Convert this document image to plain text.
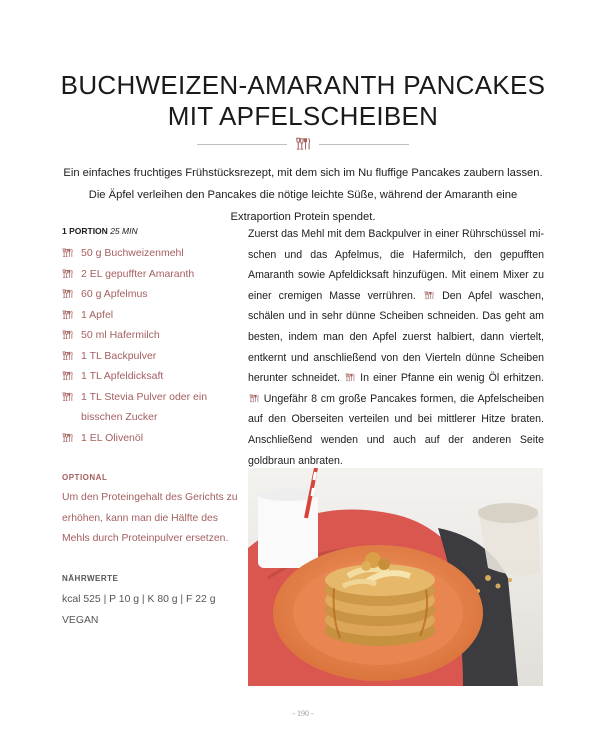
BUCHWEIZEN-AMARANTH PANCAKES
MIT APFELSCHEIBEN

Ein einfaches fruchtiges Frühstücksrezept, mit dem sich im Nu fluffige Pancakes zaubern lassen. Die Äpfel verleihen den Pancakes die nötige leichte Süße, während der Amaranth eine Extraportion Protein spendet.

1 PORTION 25 MIN
50 g Buchweizenmehl
2 EL gepuffter Amaranth
60 g Apfelmus
1 Apfel
50 ml Hafermilch
1 TL Backpulver
1 TL Apfeldicksaft
1 TL Stevia Pulver oder ein bisschen Zucker
1 EL Olivenöl

Zuerst das Mehl mit dem Backpulver in einer Rührschüssel mischen und das Apfelmus, die Hafermilch, den gepufften Amaranth sowie Apfeldicksaft hinzufügen. Mit einem Mixer zu einer cremigen Masse verrühren. Den Apfel waschen, schälen und in sehr dünne Scheiben schneiden. Das geht am besten, indem man den Apfel zuerst halbiert, dann viertelt, entkernt und anschließend von den Vierteln dünne Scheiben herunter schneidet. In einer Pfanne ein wenig Öl erhitzen.  Ungefähr 8 cm große Pancakes formen, die Apfelscheiben auf den Oberseiten verteilen und bei mittlerer Hitze braten. Anschließend wenden und auch auf der anderen Seite goldbraun anbraten.

OPTIONAL

Um den Proteingehalt des Gerichts zu erhöhen, kann man die Hälfte des Mehls durch Proteinpulver ersetzen.

NÄHRWERTE

kcal 525 | P 10 g | K 80 g | F 22 g

VEGAN

- 190 -
